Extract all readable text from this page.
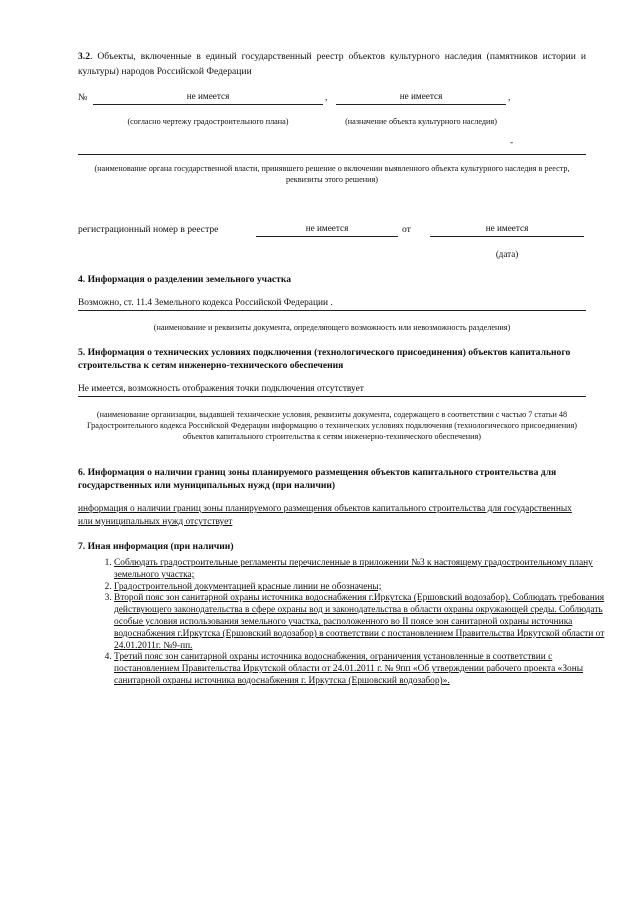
3.2. Объекты, включенные в единый государственный реестр объектов культурного наследия (памятников истории и культуры) народов Российской Федерации
№	не имеется	,	не имеется	,
(согласно чертежу градостроительного плана)	(назначение объекта культурного наследия)
-
(наименование органа государственной власти, принявшего решение о включении выявленного объекта культурного наследия в реестр, реквизиты этого решения)
регистрационный номер в реестре	не имеется	от	не имеется
(дата)
4. Информация о разделении земельного участка
Возможно, ст. 11.4 Земельного кодекса Российской Федерации .
(наименование и реквизиты документа, определяющего возможность или невозможность разделения)
5. Информация о технических условиях подключения (технологического присоединения) объектов капитального строительства к сетям инженерно-технического обеспечения
Не имеется, возможность отображения точки подключения отсутствует
(наименование организации, выдавшей технические условия, реквизиты документа, содержащего в соответствии с частью 7 статьи 48 Градостроительного кодекса Российской Федерации информацию о технических условиях подключения (технологического присоединения) объектов капитального строительства к сетям инженерно-технического обеспечения)
6. Информация о наличии границ зоны планируемого размещения объектов капитального строительства для государственных или муниципальных нужд (при наличии)
информация о наличии границ зоны планируемого размещения объектов капитального строительства для государственных или муниципальных нужд отсутствует
7. Иная информация (при наличии)
1. Соблюдать градостроительные регламенты перечисленные в приложении №3 к настоящему градостроительному плану земельного участка;
2. Градостроительной документацией красные линии не обозначены;
3. Второй пояс зон санитарной охраны источника водоснабжения г.Иркутска (Ершовский водозабор). Соблюдать требования действующего законодательства в сфере охраны вод и законодательства в области охраны окружающей среды. Соблюдать особые условия использования земельного участка, расположенного во II поясе зон санитарной охраны источника водоснабжения г.Иркутска (Ершовский водозабор) в соответствии с постановлением Правительства Иркутской области от 24.01.2011г. №9-пп.
4. Третий пояс зон санитарной охраны источника водоснабжения, ограничения установленные в соответствии с постановлением Правительства Иркутской области от 24.01.2011 г. № 9пп «Об утверждении рабочего проекта «Зоны санитарной охраны источника водоснабжения г. Иркутска (Ершовский водозабор)».
